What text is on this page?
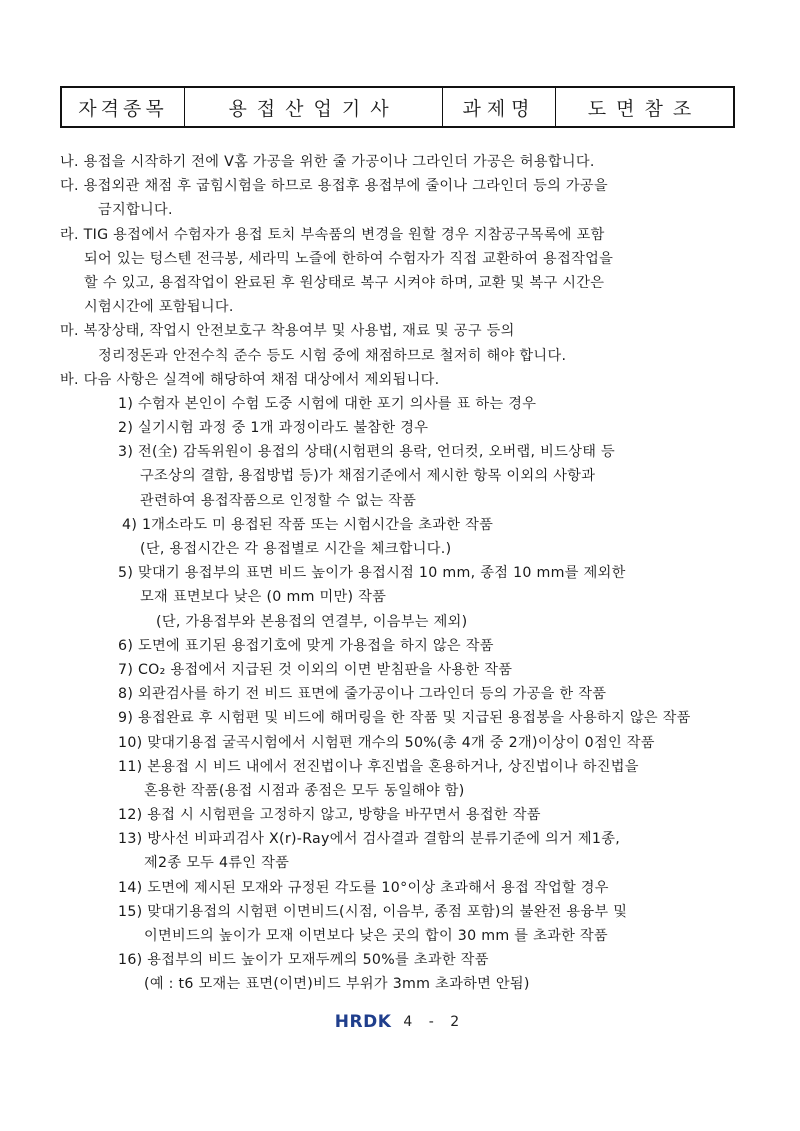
자격종목	용접산업기사	과제명	도면참조
나. 용접을 시작하기 전에 V홈 가공을 위한 줄 가공이나 그라인더 가공은 허용합니다.
다. 용접외관 채점 후 굽힘시험을 하므로 용접후 용접부에 줄이나 그라인더 등의 가공을
금지합니다.
라. TIG 용접에서 수험자가 용접 토치 부속품의 변경을 원할 경우 지참공구목록에 포함
되어 있는 텅스텐 전극봉, 세라믹 노즐에 한하여 수험자가 직접 교환하여 용접작업을
할 수 있고, 용접작업이 완료된 후 원상태로 복구 시켜야 하며, 교환 및 복구 시간은
시험시간에 포함됩니다.
마. 복장상태, 작업시 안전보호구 착용여부 및 사용법, 재료 및 공구 등의
정리정돈과 안전수칙 준수 등도 시험 중에 채점하므로 철저히 해야 합니다.
바. 다음 사항은 실격에 해당하여 채점 대상에서 제외됩니다.
1) 수험자 본인이 수험 도중 시험에 대한 포기 의사를 표 하는 경우
2) 실기시험 과정 중 1개 과정이라도 불참한 경우
3) 전(全) 감독위원이 용접의 상태(시험편의 용락, 언더컷, 오버랩, 비드상태 등
구조상의 결함, 용접방법 등)가 채점기준에서 제시한 항목 이외의 사항과
관련하여 용접작품으로 인정할 수 없는 작품
4) 1개소라도 미 용접된 작품 또는 시험시간을 초과한 작품
(단, 용접시간은 각 용접별로 시간을 체크합니다.)
5) 맞대기 용접부의 표면 비드 높이가 용접시점 10 mm, 종점 10 mm를 제외한
모재 표면보다 낮은 (0 mm 미만) 작품
(단, 가용접부와 본용접의 연결부, 이음부는 제외)
6) 도면에 표기된 용접기호에 맞게 가용접을 하지 않은 작품
7) CO₂ 용접에서 지급된 것 이외의 이면 받침판을 사용한 작품
8) 외관검사를 하기 전 비드 표면에 줄가공이나 그라인더 등의 가공을 한 작품
9) 용접완료 후 시험편 및 비드에 해머링을 한 작품 및 지급된 용접봉을 사용하지 않은 작품
10) 맞대기용접 굴곡시험에서 시험편 개수의 50%(총 4개 중 2개)이상이 0점인 작품
11) 본용접 시 비드 내에서 전진법이나 후진법을 혼용하거나, 상진법이나 하진법을
혼용한 작품(용접 시점과 종점은 모두 동일해야 함)
12) 용접 시 시험편을 고정하지 않고, 방향을 바꾸면서 용접한 작품
13) 방사선 비파괴검사 X(r)-Ray에서 검사결과 결함의 분류기준에 의거 제1종,
제2종 모두 4류인 작품
14) 도면에 제시된 모재와 규정된 각도를 10°이상 초과해서 용접 작업할 경우
15) 맞대기용접의 시험편 이면비드(시점, 이음부, 종점 포함)의 불완전 용융부 및
이면비드의 높이가 모재 이면보다 낮은 곳의 합이 30 mm 를 초과한 작품
16) 용접부의 비드 높이가 모재두께의 50%를 초과한 작품
(예 : t6 모재는 표면(이면)비드 부위가 3mm 초과하면 안됨)
HRDK 4 - 2
